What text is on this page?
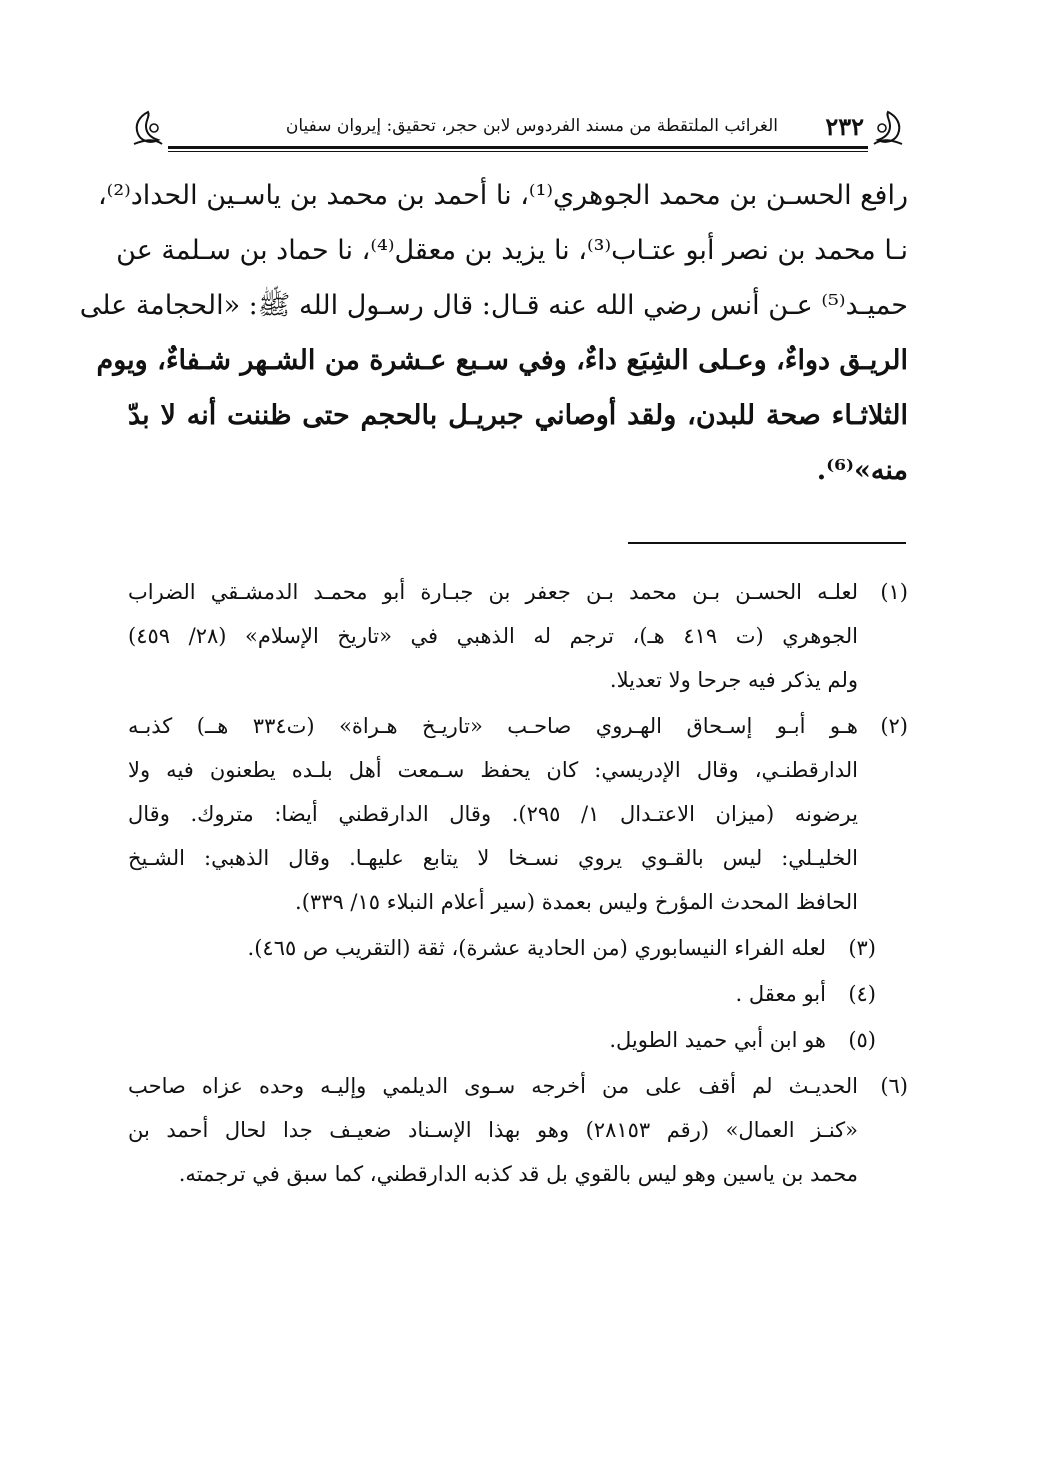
٢٣٢
الغرائب الملتقطة من مسند الفردوس لابن حجر، تحقيق: إيروان سفيان
رافع الحسـن بن محمد الجوهري⁽¹⁾، نا أحمد بن محمد بن ياسـين الحداد⁽²⁾،
نـا محمد بن نصر أبو عتـاب⁽³⁾، نا يزيد بن معقل⁽⁴⁾، نا حماد بن سـلمة عن
حميـد⁽⁵⁾ عـن أنس رضي الله عنه قـال: قال رسـول الله ﷺ: «الحجامة على
الريـق دواءٌ، وعـلى الشِبَع داءٌ، وفي سـبع عـشرة من الشـهر شـفاءٌ، ويوم
الثلاثـاء صحة للبدن، ولقد أوصاني جبريـل بالحجم حتى ظننت أنه لا بدّ
منه»⁽⁶⁾.
(١)
لعلـه الحسـن بـن محمد بـن جعفر بن جبـارة أبو محمـد الدمشـقي الضراب
الجوهري (ت ٤١٩ هـ)، ترجم له الذهبي في «تاريخ الإسلام» (٢٨/ ٤٥٩)
ولم يذكر فيه جرحا ولا تعديلا.
(٢)
هـو أبـو إسـحاق الهـروي صاحـب «تاريـخ هـراة» (ت٣٣٤ هــ) كذبـه
الدارقطنـي، وقال الإدريسي: كان يحفظ سـمعت أهل بلـده يطعنون فيه ولا
يرضونه (ميزان الاعتـدال ١/ ٢٩٥). وقال الدارقطني أيضا: متروك. وقال
الخليـلي: ليس بالقـوي يروي نسـخا لا يتابع عليهـا. وقال الذهبي: الشـيخ
الحافظ المحدث المؤرخ وليس بعمدة (سير أعلام النبلاء ١٥/ ٣٣٩).
(٣)
لعله الفراء النيسابوري (من الحادية عشرة)، ثقة (التقريب ص ٤٦٥).
(٤)
أبو معقل .
(٥)
هو ابن أبي حميد الطويل.
(٦)
الحديـث لم أقف على من أخرجه سـوى الديلمي وإليـه وحده عزاه صاحب
«كنـز العمال» (رقم ٢٨١٥٣) وهو بهذا الإسـناد ضعيـف جدا لحال أحمد بن
محمد بن ياسين وهو ليس بالقوي بل قد كذبه الدارقطني، كما سبق في ترجمته.
